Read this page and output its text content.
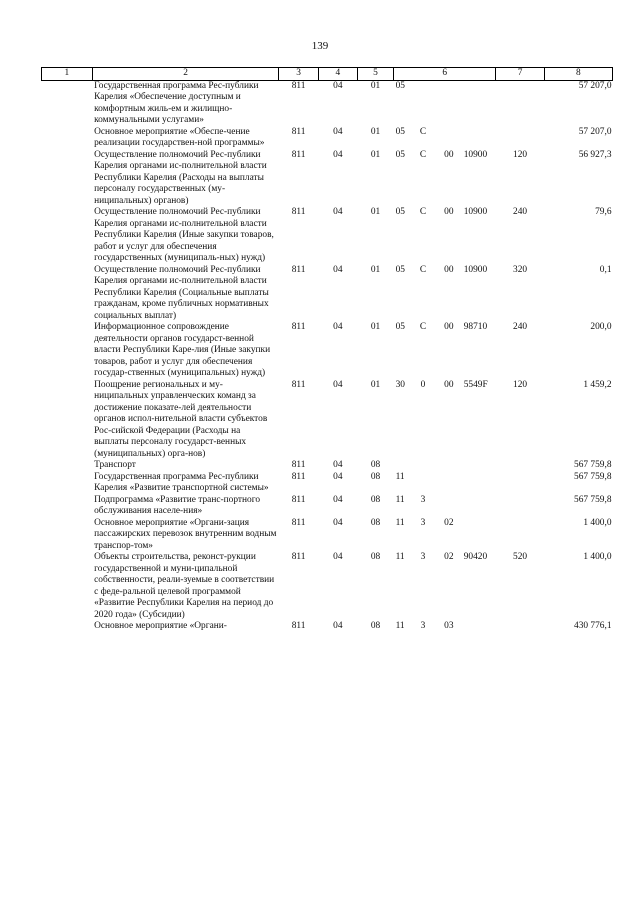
139
1	2	3	4	5	6				7	8
	Государственная программа Рес-публики Карелия «Обеспечение доступным и комфортным жиль-ем и жилищно-коммунальными услугами»	811	04	01	05					57 207,0
	Основное мероприятие «Обеспе-чение реализации государствен-ной программы»	811	04	01	05	С				57 207,0
	Осуществление полномочий Рес-публики Карелия органами ис-полнительной власти Республики Карелия (Расходы на выплаты персоналу государственных (му-ниципальных) органов)	811	04	01	05	С	00	10900	120	56 927,3
	Осуществление полномочий Рес-публики Карелия органами ис-полнительной власти Республики Карелия (Иные закупки товаров, работ и услуг для обеспечения государственных (муниципаль-ных) нужд)	811	04	01	05	С	00	10900	240	79,6
	Осуществление полномочий Рес-публики Карелия органами ис-полнительной власти Республики Карелия (Социальные выплаты гражданам, кроме публичных нормативных социальных выплат)	811	04	01	05	С	00	10900	320	0,1
	Информационное сопровождение деятельности органов государст-венной власти Республики Каре-лия (Иные закупки товаров, работ и услуг для обеспечения государ-ственных (муниципальных) нужд)	811	04	01	05	С	00	98710	240	200,0
	Поощрение региональных и му-ниципальных управленческих команд за достижение показате-лей деятельности органов испол-нительной власти субъектов Рос-сийской Федерации (Расходы на выплаты персоналу государст-венных (муниципальных) орга-нов)	811	04	01	30	0	00	5549F	120	1 459,2
	Транспорт	811	04	08						567 759,8
	Государственная программа Рес-публики Карелия «Развитие транспортной системы»	811	04	08	11					567 759,8
	Подпрограмма «Развитие транс-портного обслуживания населе-ния»	811	04	08	11	3				567 759,8
	Основное мероприятие «Органи-зация пассажирских перевозок внутренним водным транспор-том»	811	04	08	11	3	02			1 400,0
	Объекты строительства, реконст-рукции государственной и муни-ципальной собственности, реали-зуемые в соответствии с феде-ральной целевой программой «Развитие Республики Карелия на период до 2020 года» (Субсидии)	811	04	08	11	3	02	90420	520	1 400,0
	Основное мероприятие «Органи-	811	04	08	11	3	03			430 776,1
